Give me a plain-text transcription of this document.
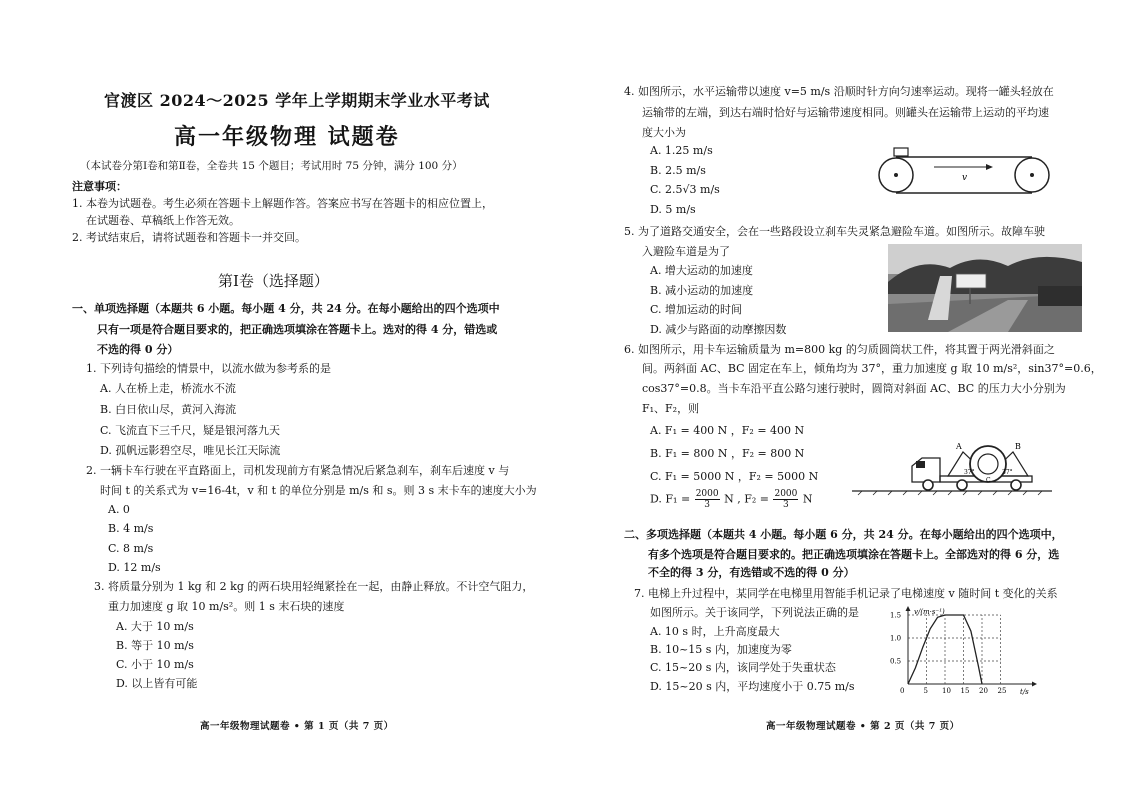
官渡区 2024～2025 学年上学期期末学业水平考试
高一年级物理 试题卷
（本试卷分第Ⅰ卷和第Ⅱ卷，全卷共 15 个题目；考试用时 75 分钟，满分 100 分）
注意事项：
1. 本卷为试题卷。考生必须在答题卡上解题作答。答案应书写在答题卡的相应位置上，
在试题卷、草稿纸上作答无效。
2. 考试结束后，请将试题卷和答题卡一并交回。
第Ⅰ卷（选择题）
一、单项选择题（本题共 6 小题。每小题 4 分，共 24 分。在每小题给出的四个选项中
只有一项是符合题目要求的，把正确选项填涂在答题卡上。选对的得 4 分，错选或
不选的得 0 分）
1. 下列诗句描绘的情景中，以流水做为参考系的是
A. 人在桥上走，桥流水不流
B. 白日依山尽，黄河入海流
C. 飞流直下三千尺，疑是银河落九天
D. 孤帆远影碧空尽，唯见长江天际流
2. 一辆卡车行驶在平直路面上，司机发现前方有紧急情况后紧急刹车，刹车后速度 v 与
时间 t 的关系式为 v=16-4t，v 和 t 的单位分别是 m/s 和 s。则 3 s 末卡车的速度大小为
A. 0
B. 4 m/s
C. 8 m/s
D. 12 m/s
3. 将质量分别为 1 kg 和 2 kg 的两石块用轻绳紧拴在一起，由静止释放。不计空气阻力，
重力加速度 g 取 10 m/s²。则 1 s 末石块的速度
A. 大于 10 m/s
B. 等于 10 m/s
C. 小于 10 m/s
D. 以上皆有可能
高一年级物理试题卷 • 第 1 页（共 7 页）
4. 如图所示，水平运输带以速度 v=5 m/s 沿顺时针方向匀速率运动。现将一罐头轻放在
运输带的左端，到达右端时恰好与运输带速度相同。则罐头在运输带上运动的平均速
度大小为
A. 1.25 m/s
B. 2.5 m/s
C. 2.5√3 m/s
D. 5 m/s
v
5. 为了道路交通安全，会在一些路段设立刹车失灵紧急避险车道。如图所示。故障车驶
入避险车道是为了
A. 增大运动的加速度
B. 减小运动的加速度
C. 增加运动的时间
D. 减少与路面的动摩擦因数
6. 如图所示，用卡车运输质量为 m=800 kg 的匀质圆筒状工件，将其置于两光滑斜面之
间。两斜面 AC、BC 固定在车上，倾角均为 37°，重力加速度 g 取 10 m/s²，sin37°=0.6，
cos37°=0.8。当卡车沿平直公路匀速行驶时，圆筒对斜面 AC、BC 的压力大小分别为
F₁、F₂，则
A. F₁ = 400 N ，F₂ = 400 N
B. F₁ = 800 N ，F₂ = 800 N
C. F₁ = 5000 N ，F₂ = 5000 N
D. $F_1 = \frac{2000}{3}$ N , $F_2 = \frac{2000}{3}$ N
A	B
37°	37°
C
二、多项选择题（本题共 4 小题。每小题 6 分，共 24 分。在每小题给出的四个选项中，
有多个选项是符合题目要求的。把正确选项填涂在答题卡上。全部选对的得 6 分，选
不全的得 3 分，有选错或不选的得 0 分）
7. 电梯上升过程中，某同学在电梯里用智能手机记录了电梯速度 v 随时间 t 变化的关系
如图所示。关于该同学，下列说法正确的是
A. 10 s 时，上升高度最大
B. 10~15 s 内，加速度为零
C. 15~20 s 内，该同学处于失重状态
D. 15~20 s 内，平均速度小于 0.75 m/s
0.5
1.0
1.5
5 10 15 20 25
v/(m·s⁻¹)
t/s
0
高一年级物理试题卷 • 第 2 页（共 7 页）
